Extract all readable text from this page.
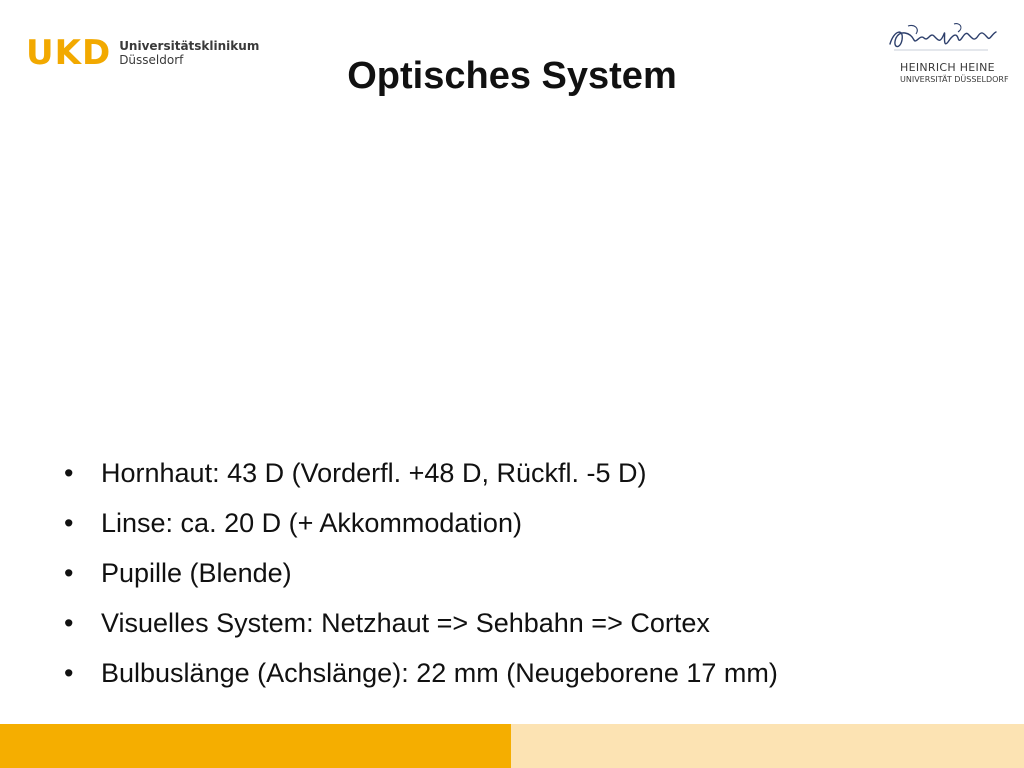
UKD Universitätsklinikum
Düsseldorf
HEINRICH HEINE
UNIVERSITÄT DÜSSELDORF
Optisches System
• Hornhaut: 43 D (Vorderfl. +48 D, Rückfl. -5 D)
• Linse: ca. 20 D (+ Akkommodation)
• Pupille (Blende)
• Visuelles System: Netzhaut => Sehbahn => Cortex
• Bulbuslänge (Achslänge): 22 mm (Neugeborene 17 mm)
